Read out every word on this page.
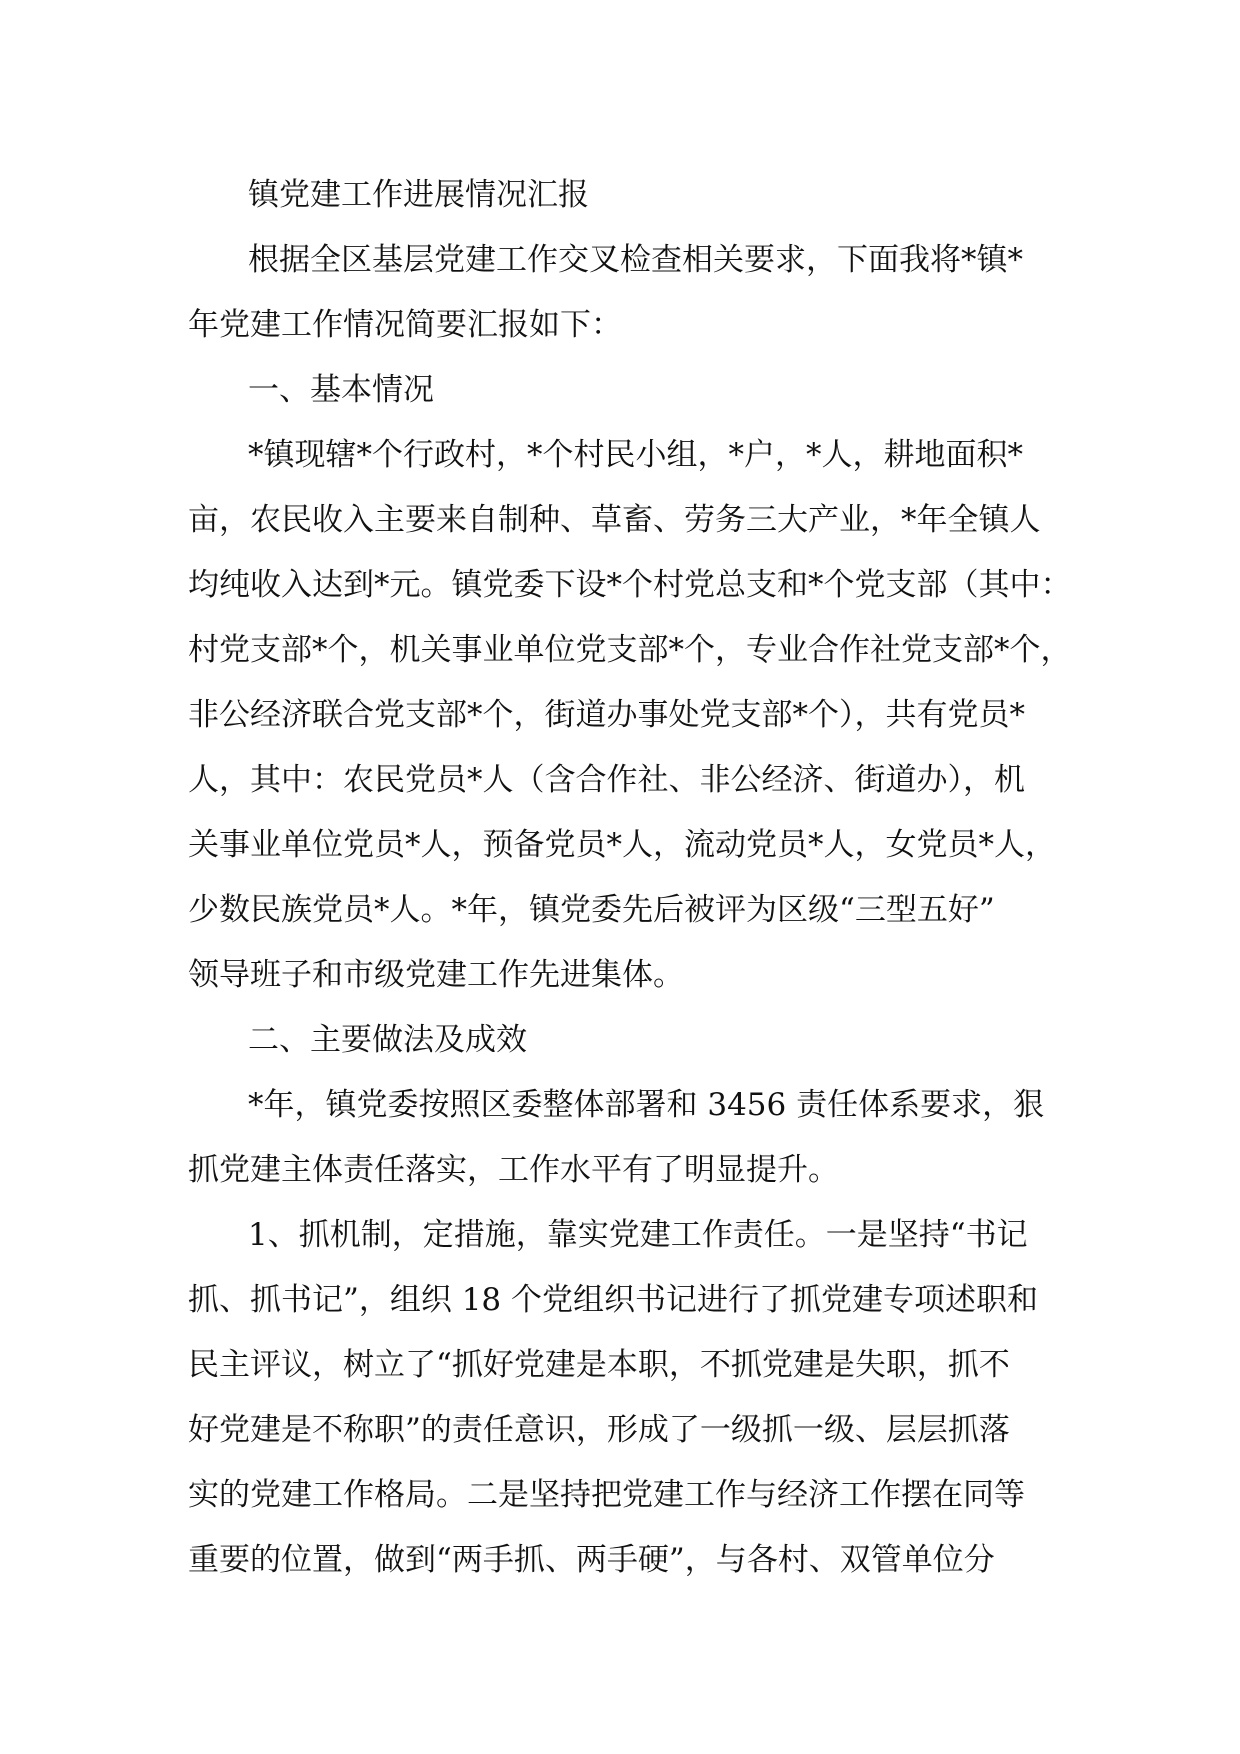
镇党建工作进展情况汇报
根据全区基层党建工作交叉检查相关要求，下面我将*镇*
年党建工作情况简要汇报如下：
一、基本情况
*镇现辖*个行政村，*个村民小组，*户，*人，耕地面积*
亩，农民收入主要来自制种、草畜、劳务三大产业，*年全镇人
均纯收入达到*元。镇党委下设*个村党总支和*个党支部（其中：
村党支部*个，机关事业单位党支部*个，专业合作社党支部*个，
非公经济联合党支部*个，街道办事处党支部*个），共有党员*
人，其中：农民党员*人（含合作社、非公经济、街道办），机
关事业单位党员*人，预备党员*人，流动党员*人，女党员*人，
少数民族党员*人。*年，镇党委先后被评为区级“三型五好”
领导班子和市级党建工作先进集体。
二、主要做法及成效
*年，镇党委按照区委整体部署和 3456 责任体系要求，狠
抓党建主体责任落实，工作水平有了明显提升。
1、抓机制，定措施，靠实党建工作责任。一是坚持“书记
抓、抓书记”，组织 18 个党组织书记进行了抓党建专项述职和
民主评议，树立了“抓好党建是本职，不抓党建是失职，抓不
好党建是不称职”的责任意识，形成了一级抓一级、层层抓落
实的党建工作格局。二是坚持把党建工作与经济工作摆在同等
重要的位置，做到“两手抓、两手硬”，与各村、双管单位分
